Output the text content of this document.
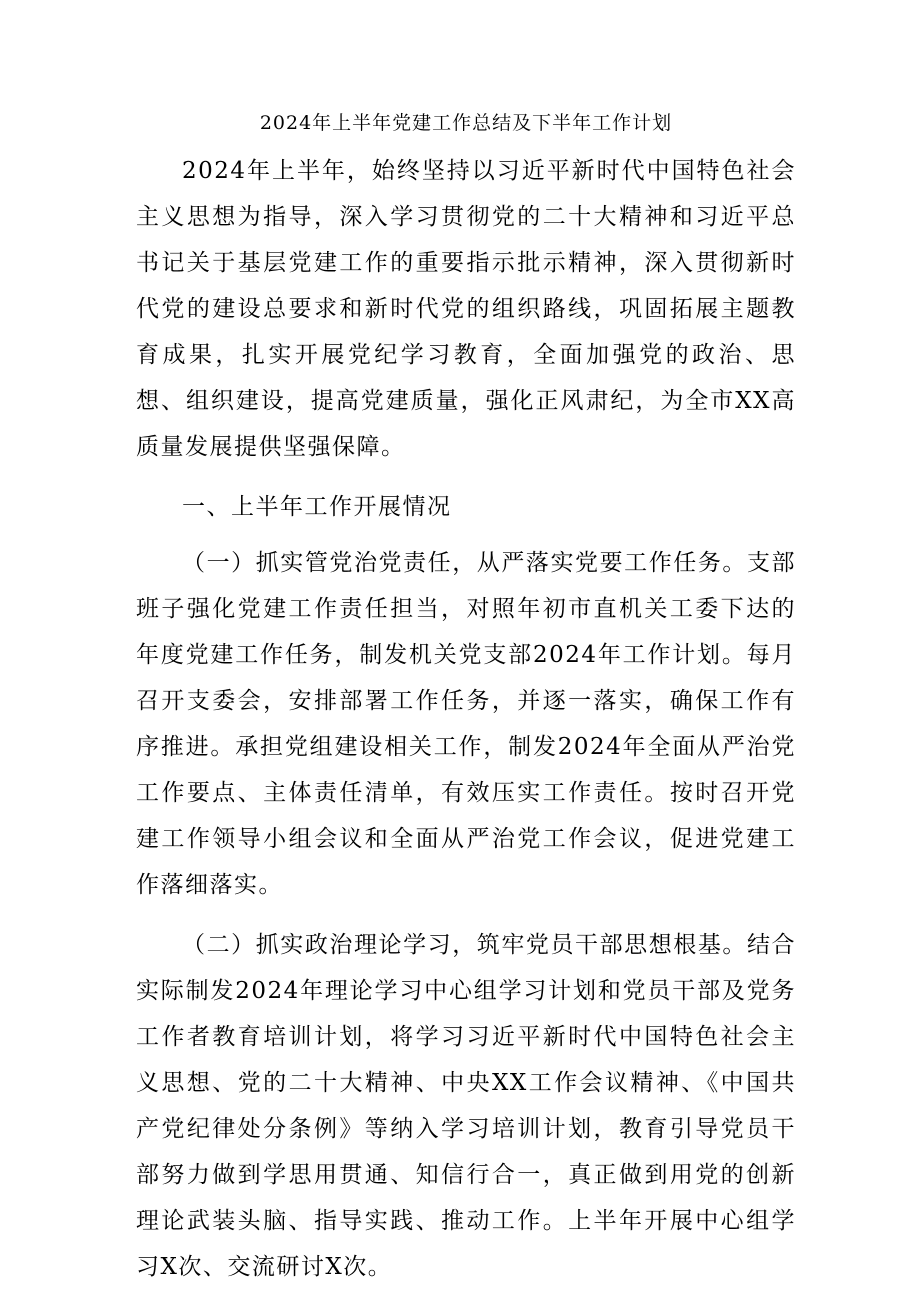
2024年上半年党建工作总结及下半年工作计划

2024年上半年，始终坚持以习近平新时代中国特色社会主义思想为指导，深入学习贯彻党的二十大精神和习近平总书记关于基层党建工作的重要指示批示精神，深入贯彻新时代党的建设总要求和新时代党的组织路线，巩固拓展主题教育成果，扎实开展党纪学习教育，全面加强党的政治、思想、组织建设，提高党建质量，强化正风肃纪，为全市XX高质量发展提供坚强保障。

一、上半年工作开展情况

（一）抓实管党治党责任，从严落实党要工作任务。支部班子强化党建工作责任担当，对照年初市直机关工委下达的年度党建工作任务，制发机关党支部2024年工作计划。每月召开支委会，安排部署工作任务，并逐一落实，确保工作有序推进。承担党组建设相关工作，制发2024年全面从严治党工作要点、主体责任清单，有效压实工作责任。按时召开党建工作领导小组会议和全面从严治党工作会议，促进党建工作落细落实。

（二）抓实政治理论学习，筑牢党员干部思想根基。结合实际制发2024年理论学习中心组学习计划和党员干部及党务工作者教育培训计划，将学习习近平新时代中国特色社会主义思想、党的二十大精神、中央XX工作会议精神、《中国共产党纪律处分条例》等纳入学习培训计划，教育引导党员干部努力做到学思用贯通、知信行合一，真正做到用党的创新理论武装头脑、指导实践、推动工作。上半年开展中心组学习X次、交流研讨X次。
